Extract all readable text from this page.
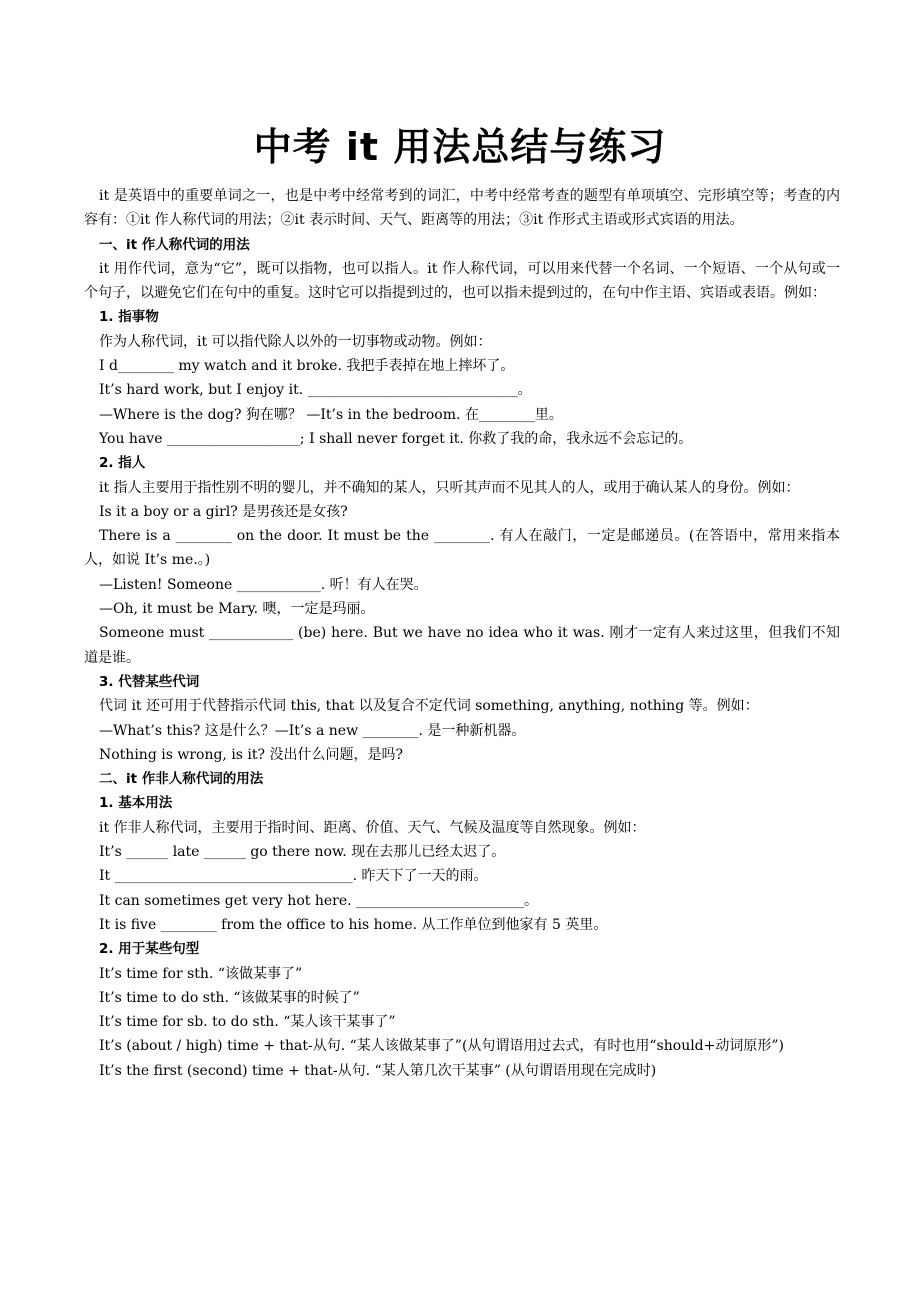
中考 it 用法总结与练习

it 是英语中的重要单词之一，也是中考中经常考到的词汇，中考中经常考查的题型有单项填空、完形填空等；考查的内容有：①it 作人称代词的用法；②it 表示时间、天气、距离等的用法；③it 作形式主语或形式宾语的用法。

一、it 作人称代词的用法

it 用作代词，意为“它”，既可以指物，也可以指人。it 作人称代词，可以用来代替一个名词、一个短语、一个从句或一个句子，以避免它们在句中的重复。这时它可以指提到过的，也可以指未提到过的，在句中作主语、宾语或表语。例如：

1. 指事物

作为人称代词，it 可以指代除人以外的一切事物或动物。例如：

I d________ my watch and it broke. 我把手表掉在地上摔坏了。

It’s hard work, but I enjoy it. ______________________________。

—Where is the dog? 狗在哪？ —It’s in the bedroom. 在________里。

You have ___________________; I shall never forget it. 你救了我的命，我永远不会忘记的。

2. 指人

it 指人主要用于指性别不明的婴儿，并不确知的某人，只听其声而不见其人的人，或用于确认某人的身份。例如：

Is it a boy or a girl? 是男孩还是女孩?

There is a ________ on the door. It must be the ________. 有人在敲门，一定是邮递员。(在答语中，常用来指本人，如说 It’s me.。)

—Listen! Someone ____________. 听！有人在哭。

—Oh, it must be Mary. 噢，一定是玛丽。

Someone must ____________ (be) here. But we have no idea who it was. 刚才一定有人来过这里，但我们不知道是谁。

3. 代替某些代词

代词 it 还可用于代替指示代词 this, that 以及复合不定代词 something, anything, nothing 等。例如：

—What’s this? 这是什么？—It’s a new ________. 是一种新机器。

Nothing is wrong, is it? 没出什么问题，是吗?

二、it 作非人称代词的用法
1. 基本用法

it 作非人称代词，主要用于指时间、距离、价值、天气、气候及温度等自然现象。例如：

It’s ______ late ______ go there now. 现在去那儿已经太迟了。

It __________________________________. 昨天下了一天的雨。

It can sometimes get very hot here. ________________________。

It is five ________ from the office to his home. 从工作单位到他家有 5 英里。

2. 用于某些句型

It’s time for sth. “该做某事了”

It’s time to do sth. “该做某事的时候了”

It’s time for sb. to do sth. “某人该干某事了”

It’s (about / high) time + that-从句. “某人该做某事了”(从句谓语用过去式，有时也用“should+动词原形”)

It’s the first (second) time + that-从句. “某人第几次干某事” (从句谓语用现在完成时)
